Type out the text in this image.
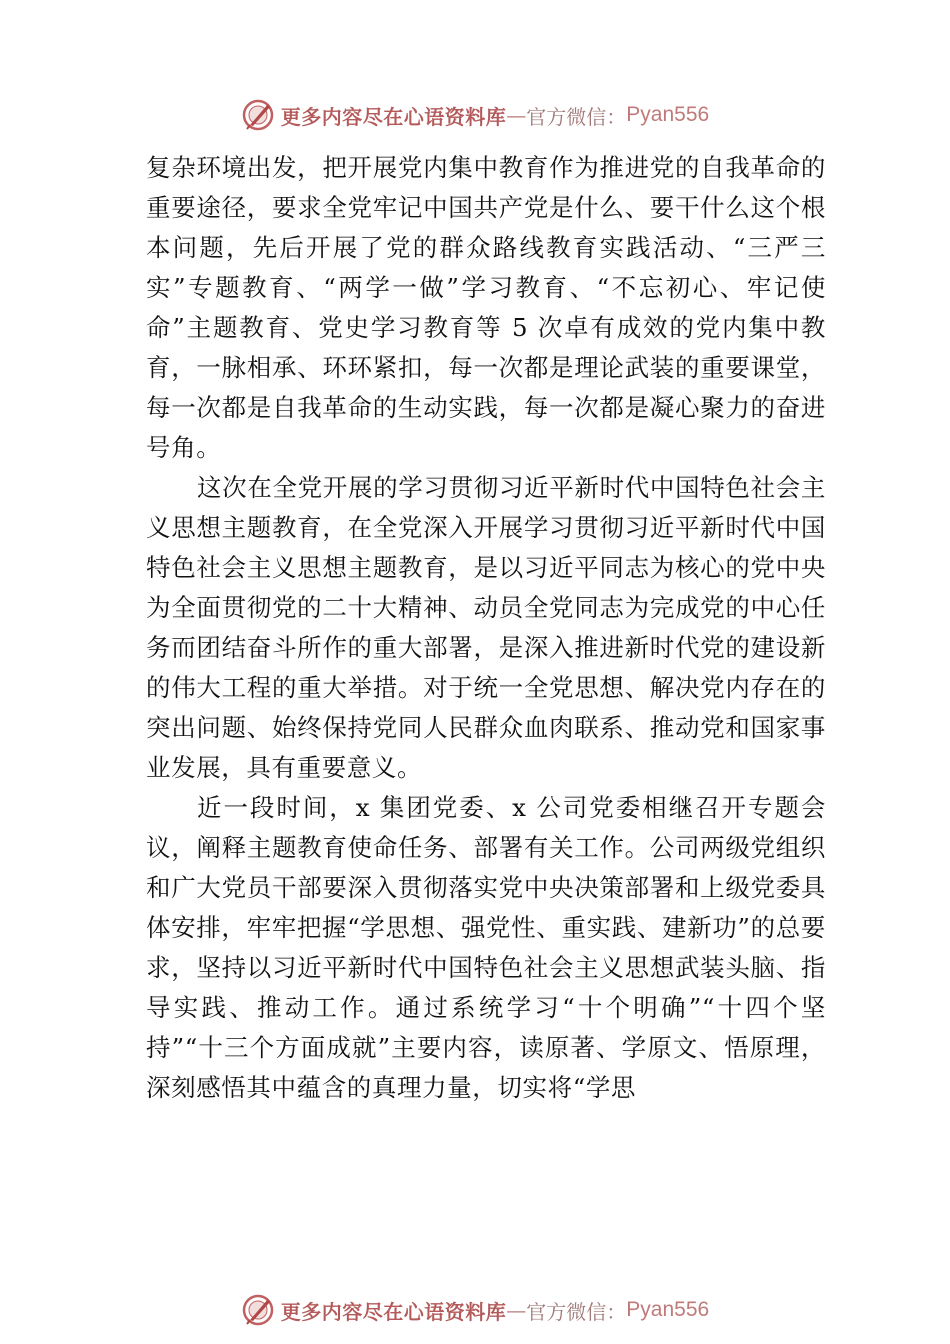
更多内容尽在心语资料库 — 官方微信： Pyan556

复杂环境出发，把开展党内集中教育作为推进党的自我革命的重要途径，要求全党牢记中国共产党是什么、要干什么这个根本问题，先后开展了党的群众路线教育实践活动、“三严三实”专题教育、“两学一做”学习教育、“不忘初心、牢记使命”主题教育、党史学习教育等 5 次卓有成效的党内集中教育，一脉相承、环环紧扣，每一次都是理论武装的重要课堂，每一次都是自我革命的生动实践，每一次都是凝心聚力的奋进号角。

这次在全党开展的学习贯彻习近平新时代中国特色社会主义思想主题教育，在全党深入开展学习贯彻习近平新时代中国特色社会主义思想主题教育，是以习近平同志为核心的党中央为全面贯彻党的二十大精神、动员全党同志为完成党的中心任务而团结奋斗所作的重大部署，是深入推进新时代党的建设新的伟大工程的重大举措。对于统一全党思想、解决党内存在的突出问题、始终保持党同人民群众血肉联系、推动党和国家事业发展，具有重要意义。

近一段时间，x 集团党委、x 公司党委相继召开专题会议，阐释主题教育使命任务、部署有关工作。公司两级党组织和广大党员干部要深入贯彻落实党中央决策部署和上级党委具体安排，牢牢把握“学思想、强党性、重实践、建新功”的总要求，坚持以习近平新时代中国特色社会主义思想武装头脑、指导实践、推动工作。通过系统学习“十个明确”“十四个坚持”“十三个方面成就”主要内容，读原著、学原文、悟原理，深刻感悟其中蕴含的真理力量，切实将“学思

更多内容尽在心语资料库 — 官方微信： Pyan556
